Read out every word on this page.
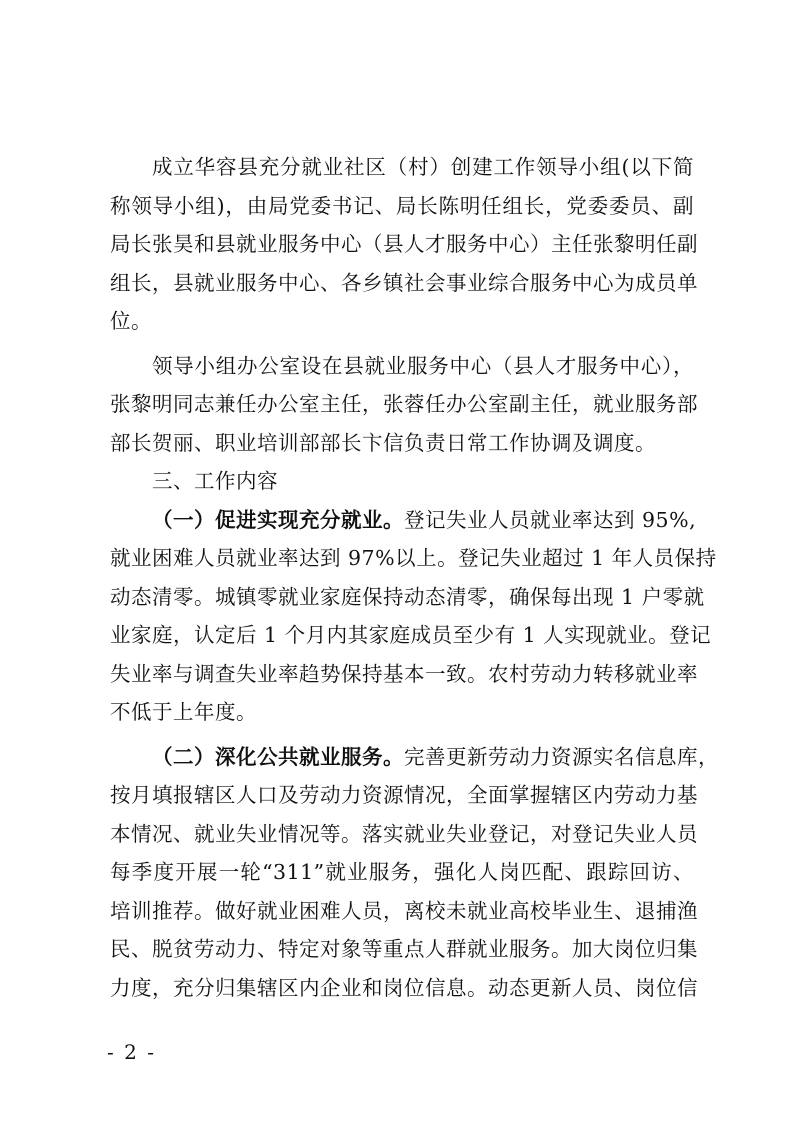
成立华容县充分就业社区（村）创建工作领导小组(以下简
称领导小组)，由局党委书记、局长陈明任组长，党委委员、副
局长张昊和县就业服务中心（县人才服务中心）主任张黎明任副
组长，县就业服务中心、各乡镇社会事业综合服务中心为成员单
位。
领导小组办公室设在县就业服务中心（县人才服务中心），
张黎明同志兼任办公室主任，张蓉任办公室副主任，就业服务部
部长贺丽、职业培训部部长卞信负责日常工作协调及调度。
三、工作内容
（一）促进实现充分就业。登记失业人员就业率达到 95%,
就业困难人员就业率达到 97%以上。登记失业超过 1 年人员保持
动态清零。城镇零就业家庭保持动态清零，确保每出现 1 户零就
业家庭，认定后 1 个月内其家庭成员至少有 1 人实现就业。登记
失业率与调查失业率趋势保持基本一致。农村劳动力转移就业率
不低于上年度。
（二）深化公共就业服务。完善更新劳动力资源实名信息库，
按月填报辖区人口及劳动力资源情况，全面掌握辖区内劳动力基
本情况、就业失业情况等。落实就业失业登记，对登记失业人员
每季度开展一轮“311”就业服务，强化人岗匹配、跟踪回访、
培训推荐。做好就业困难人员，离校未就业高校毕业生、退捕渔
民、脱贫劳动力、特定对象等重点人群就业服务。加大岗位归集
力度，充分归集辖区内企业和岗位信息。动态更新人员、岗位信
- 2 -
